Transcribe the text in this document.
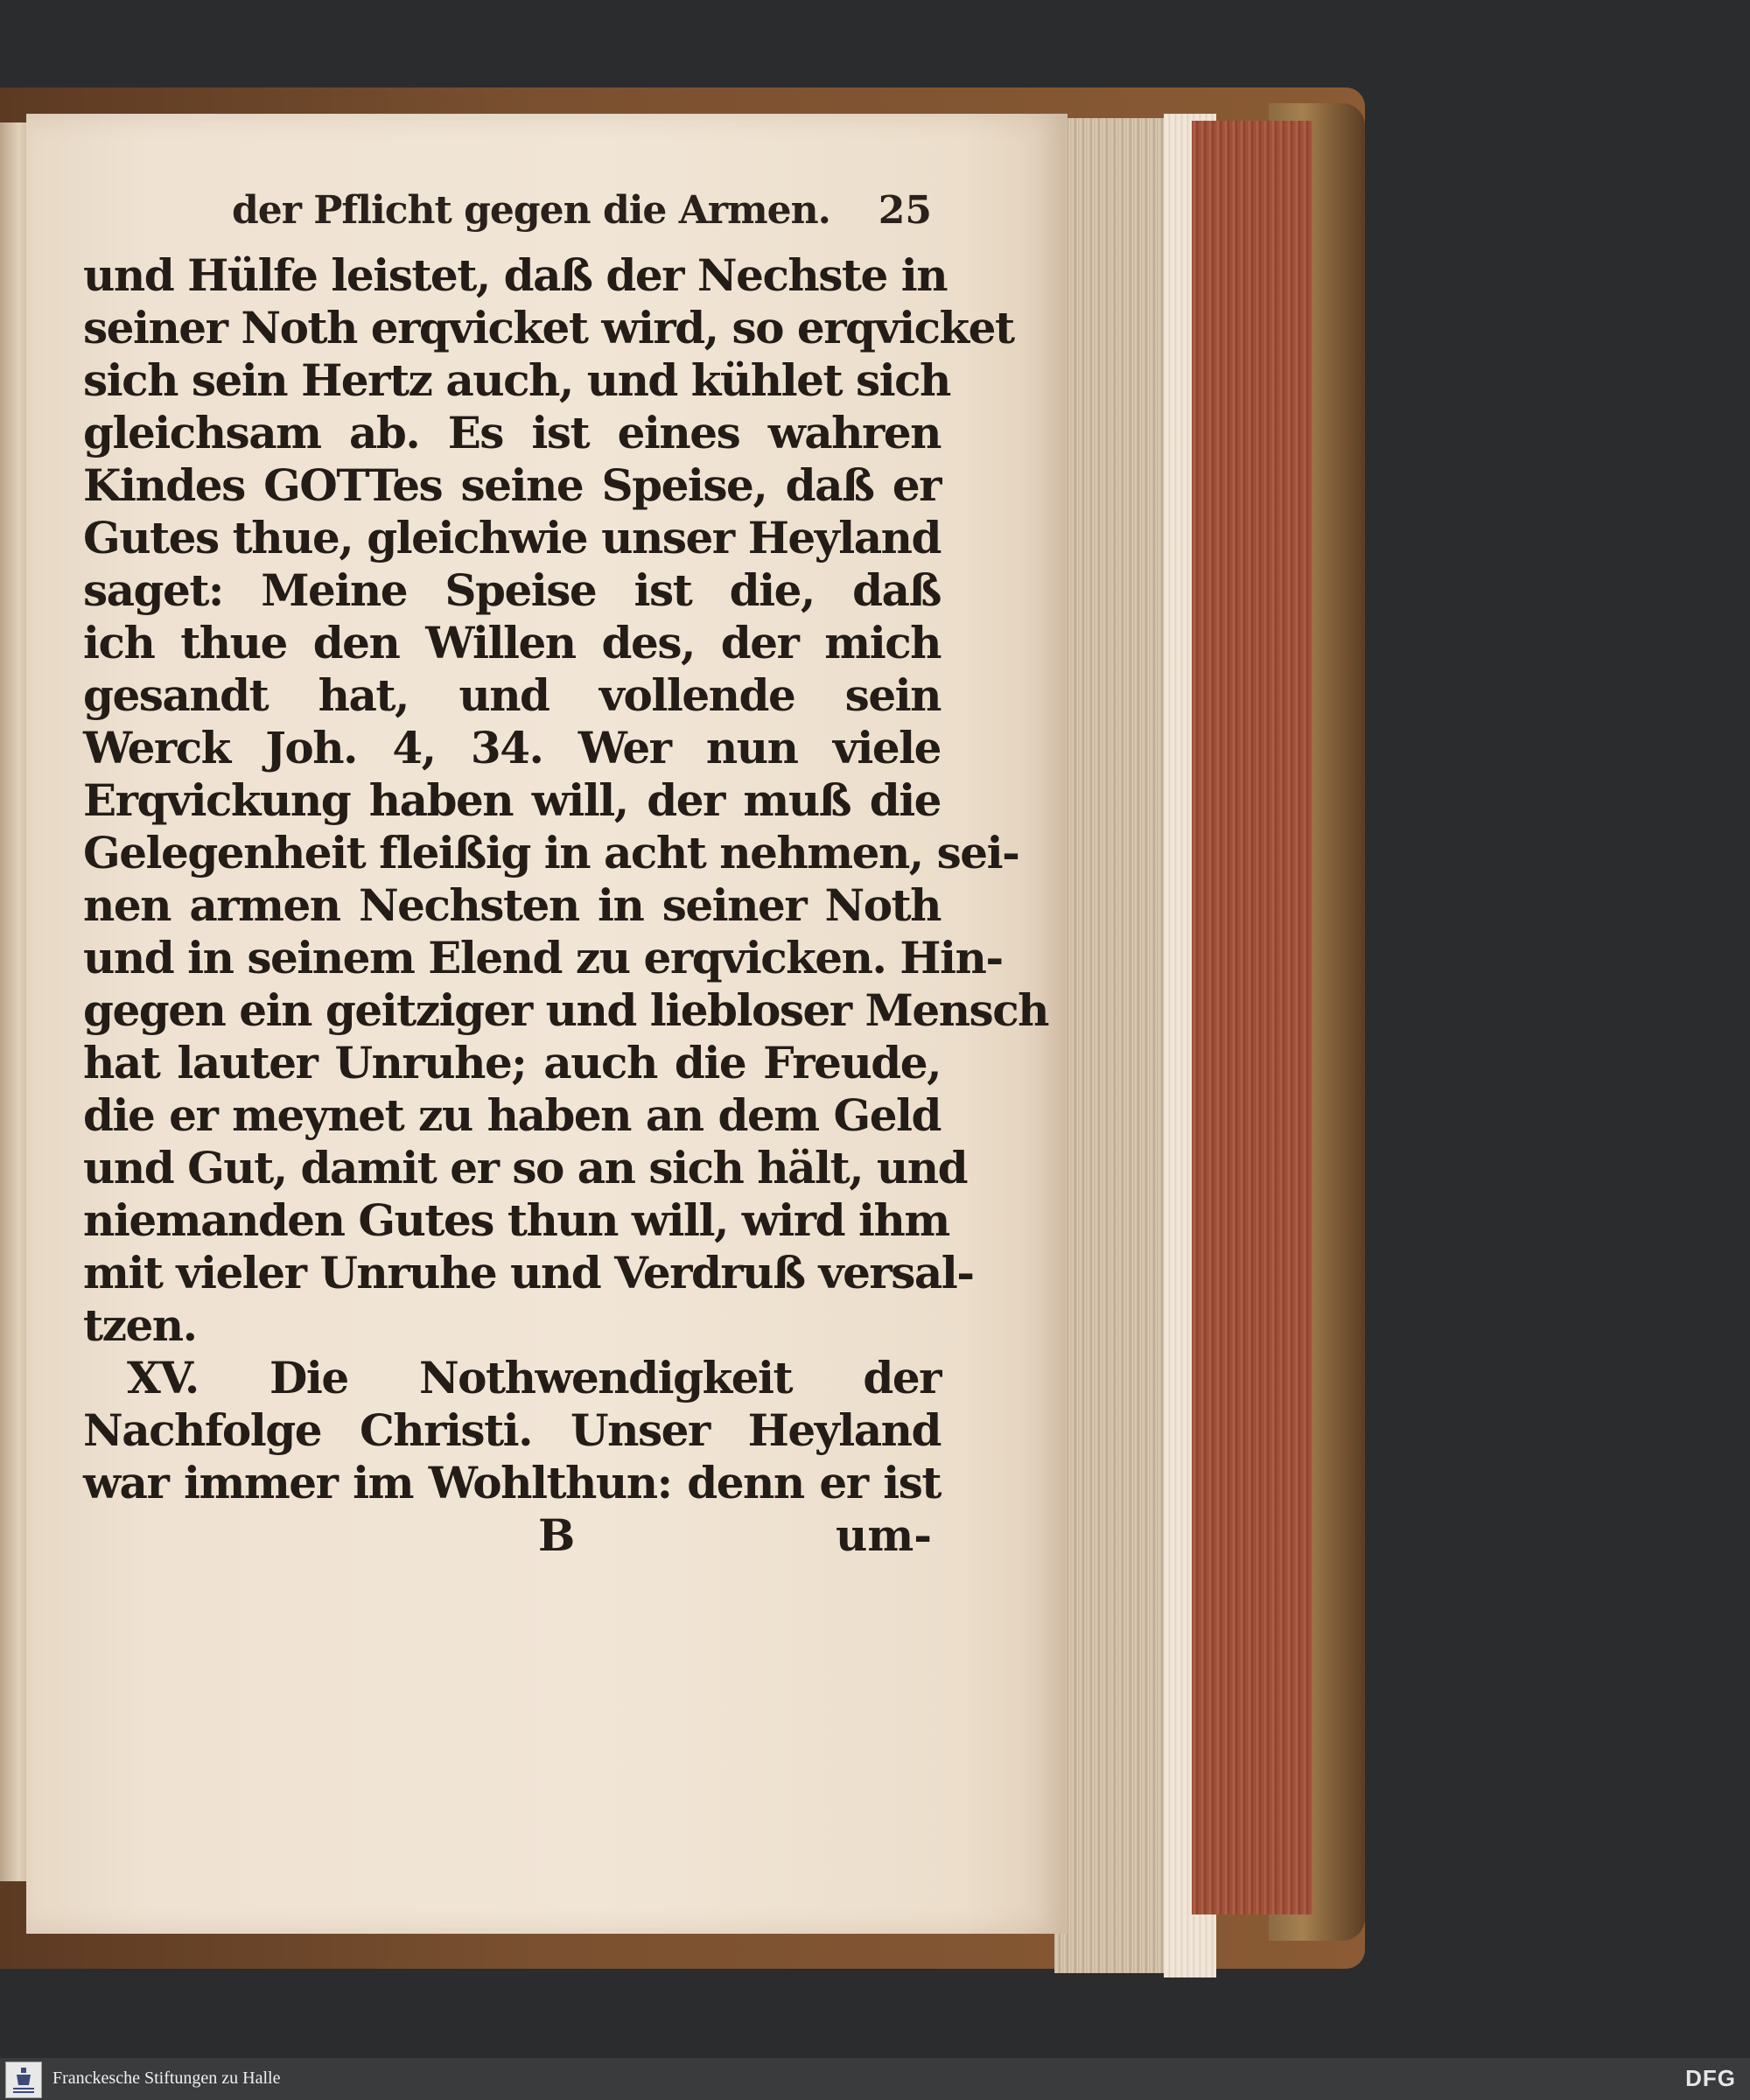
der Pflicht gegen die Armen. 25
und Hülfe leistet, daß der Nechste in
seiner Noth erqvicket wird, so erqvicket
sich sein Hertz auch, und kühlet sich
gleichsam ab. Es ist eines wahren
Kindes GOTTes seine Speise, daß er
Gutes thue, gleichwie unser Heyland
saget: Meine Speise ist die, daß
ich thue den Willen des, der mich
gesandt hat, und vollende sein
Werck Joh. 4, 34. Wer nun viele
Erqvickung haben will, der muß die
Gelegenheit fleißig in acht nehmen, sei-
nen armen Nechsten in seiner Noth
und in seinem Elend zu erqvicken. Hin-
gegen ein geitziger und liebloser Mensch
hat lauter Unruhe; auch die Freude,
die er meynet zu haben an dem Geld
und Gut, damit er so an sich hält, und
niemanden Gutes thun will, wird ihm
mit vieler Unruhe und Verdruß versal-
tzen.
XV. Die Nothwendigkeit der
Nachfolge Christi. Unser Heyland
war immer im Wohlthun: denn er ist
B	um-
Franckesche Stiftungen zu Halle	DFG
